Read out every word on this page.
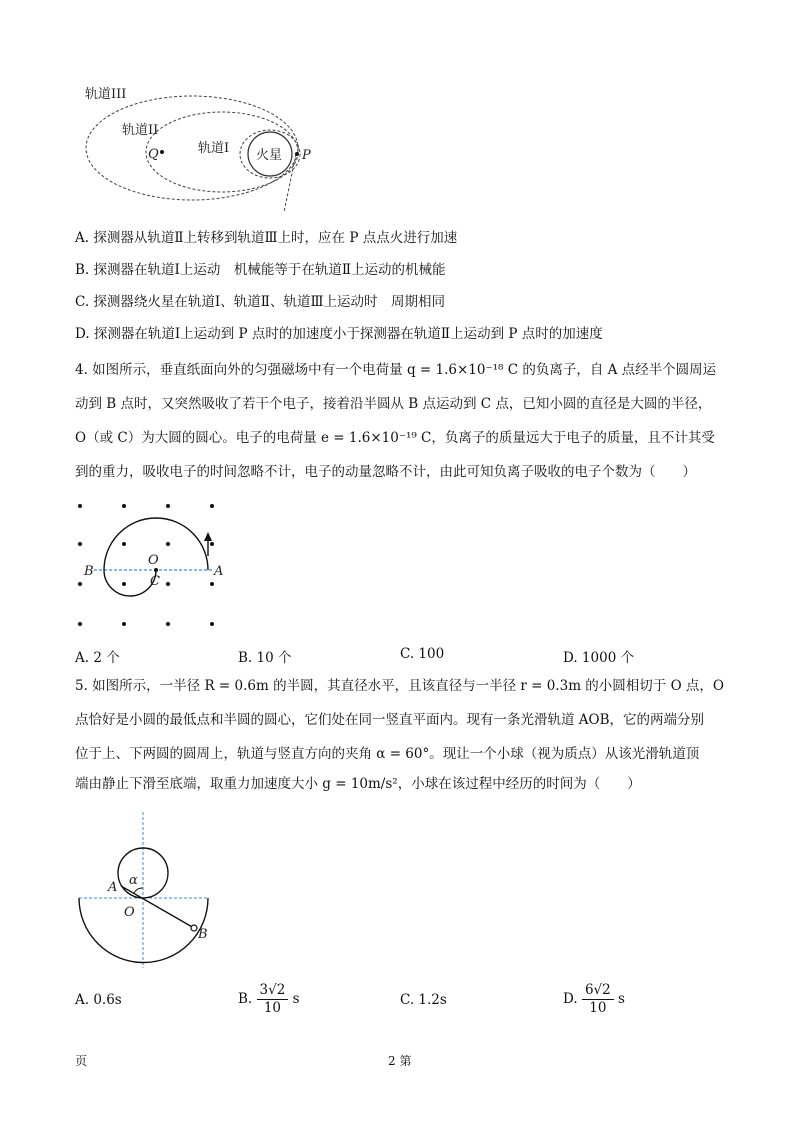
轨道III
轨道II
轨道I 火星
Q	P
A. 探测器从轨道Ⅱ上转移到轨道Ⅲ上时，应在 P 点点火进行加速
B. 探测器在轨道Ⅰ上运动　机械能等于在轨道Ⅱ上运动的机械能
C. 探测器绕火星在轨道Ⅰ、轨道Ⅱ、轨道Ⅲ上运动时　周期相同
D. 探测器在轨道Ⅰ上运动到 P 点时的加速度小于探测器在轨道Ⅱ上运动到 P 点时的加速度
4. 如图所示，垂直纸面向外的匀强磁场中有一个电荷量 q = 1.6×10⁻¹⁸ C 的负离子，自 A 点经半个圆周运
动到 B 点时，又突然吸收了若干个电子，接着沿半圆从 B 点运动到 C 点，已知小圆的直径是大圆的半径，
O（或 C）为大圆的圆心。电子的电荷量 e = 1.6×10⁻¹⁹ C，负离子的质量远大于电子的质量，且不计其受
到的重力，吸收电子的时间忽略不计，电子的动量忽略不计，由此可知负离子吸收的电子个数为（　　）
B
O
C
A
A. 2 个	B. 10 个	C. 100	D. 1000 个
5. 如图所示，一半径 R = 0.6m 的半圆，其直径水平，且该直径与一半径 r = 0.3m 的小圆相切于 O 点，O
点恰好是小圆的最低点和半圆的圆心，它们处在同一竖直平面内。现有一条光滑轨道 AOB，它的两端分别
位于上、下两圆的圆周上，轨道与竖直方向的夹角 α = 60°。现让一个小球（视为质点）从该光滑轨道顶
端由静止下滑至底端，取重力加速度大小 g = 10m/s²，小球在该过程中经历的时间为（　　）
A α
O
B
A. 0.6s	B. $\frac{3√2}{10}$ s	C. 1.2s	D. $\frac{6√2}{10}$ s
页	2 第
